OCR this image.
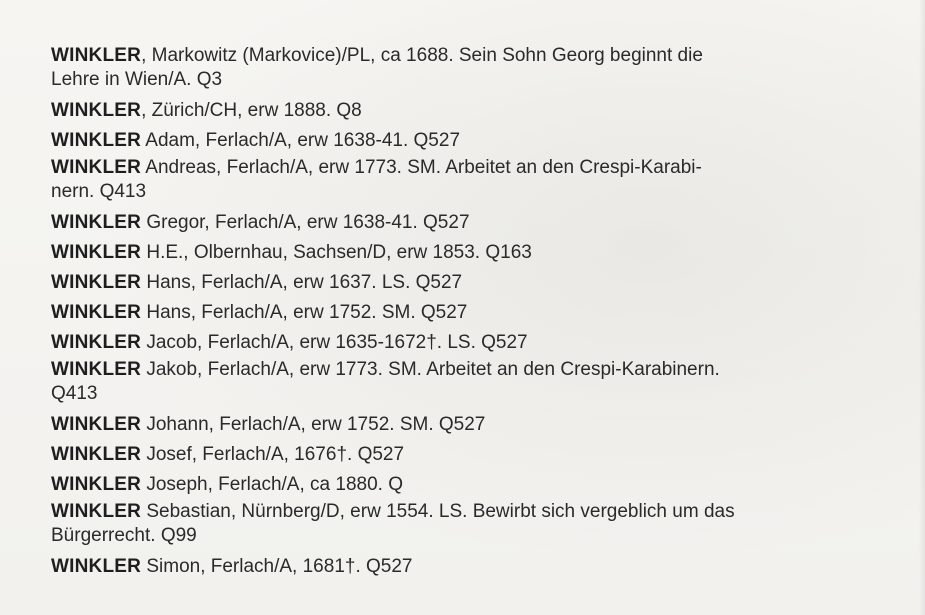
WINKLER, Markowitz (Markovice)/PL, ca 1688. Sein Sohn Georg beginnt die
Lehre in Wien/A. Q3
WINKLER, Zürich/CH, erw 1888. Q8
WINKLER Adam, Ferlach/A, erw 1638-41. Q527
WINKLER Andreas, Ferlach/A, erw 1773. SM. Arbeitet an den Crespi-Karabi-
nern. Q413
WINKLER Gregor, Ferlach/A, erw 1638-41. Q527
WINKLER H.E., Olbernhau, Sachsen/D, erw 1853. Q163
WINKLER Hans, Ferlach/A, erw 1637. LS. Q527
WINKLER Hans, Ferlach/A, erw 1752. SM. Q527
WINKLER Jacob, Ferlach/A, erw 1635-1672†. LS. Q527
WINKLER Jakob, Ferlach/A, erw 1773. SM. Arbeitet an den Crespi-Karabinern.
Q413
WINKLER Johann, Ferlach/A, erw 1752. SM. Q527
WINKLER Josef, Ferlach/A, 1676†. Q527
WINKLER Joseph, Ferlach/A, ca 1880. Q
WINKLER Sebastian, Nürnberg/D, erw 1554. LS. Bewirbt sich vergeblich um das
Bürgerrecht. Q99
WINKLER Simon, Ferlach/A, 1681†. Q527
